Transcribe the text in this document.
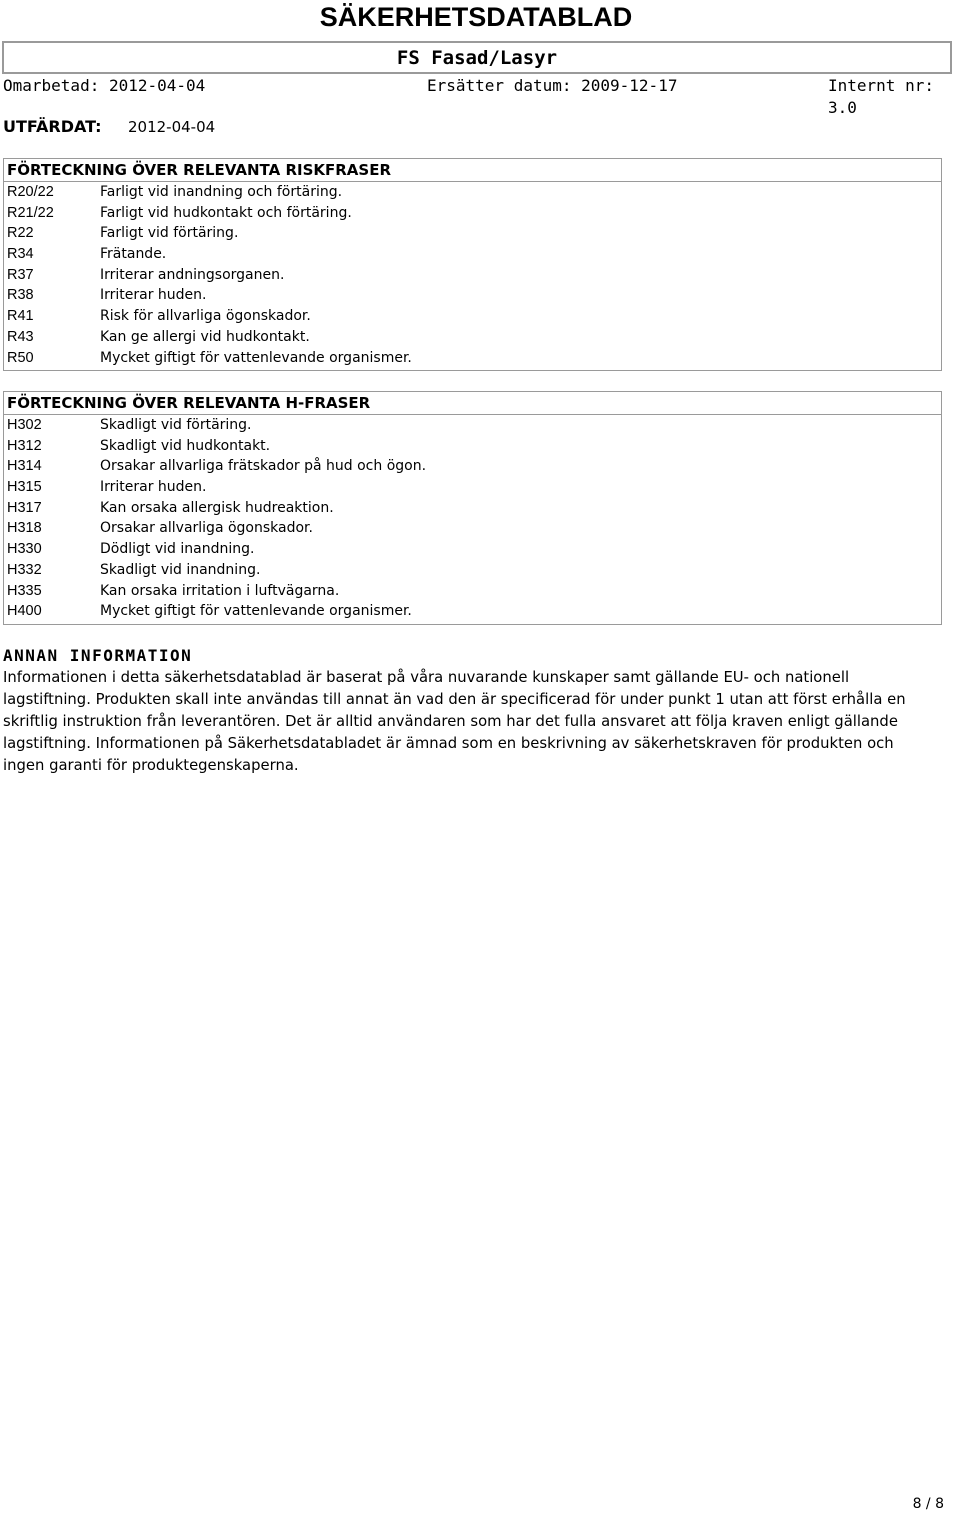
SÄKERHETSDATABLAD
FS Fasad/Lasyr
Omarbetad: 2012-04-04	Ersätter datum: 2009-12-17	Internt nr: 3.0
UTFÄRDAT: 2012-04-04
FÖRTECKNING ÖVER RELEVANTA RISKFRASER
R20/22	Farligt vid inandning och förtäring.
R21/22	Farligt vid hudkontakt och förtäring.
R22	Farligt vid förtäring.
R34	Frätande.
R37	Irriterar andningsorganen.
R38	Irriterar huden.
R41	Risk för allvarliga ögonskador.
R43	Kan ge allergi vid hudkontakt.
R50	Mycket giftigt för vattenlevande organismer.
FÖRTECKNING ÖVER RELEVANTA H-FRASER
H302	Skadligt vid förtäring.
H312	Skadligt vid hudkontakt.
H314	Orsakar allvarliga frätskador på hud och ögon.
H315	Irriterar huden.
H317	Kan orsaka allergisk hudreaktion.
H318	Orsakar allvarliga ögonskador.
H330	Dödligt vid inandning.
H332	Skadligt vid inandning.
H335	Kan orsaka irritation i luftvägarna.
H400	Mycket giftigt för vattenlevande organismer.
ANNAN INFORMATION
Informationen i detta säkerhetsdatablad är baserat på våra nuvarande kunskaper samt gällande EU- och nationell lagstiftning. Produkten skall inte användas till annat än vad den är specificerad för under punkt 1 utan att först erhålla en skriftlig instruktion från leverantören. Det är alltid användaren som har det fulla ansvaret att följa kraven enligt gällande lagstiftning. Informationen på Säkerhetsdatabladet är ämnad som en beskrivning av säkerhetskraven för produkten och ingen garanti för produktegenskaperna.
8 / 8
